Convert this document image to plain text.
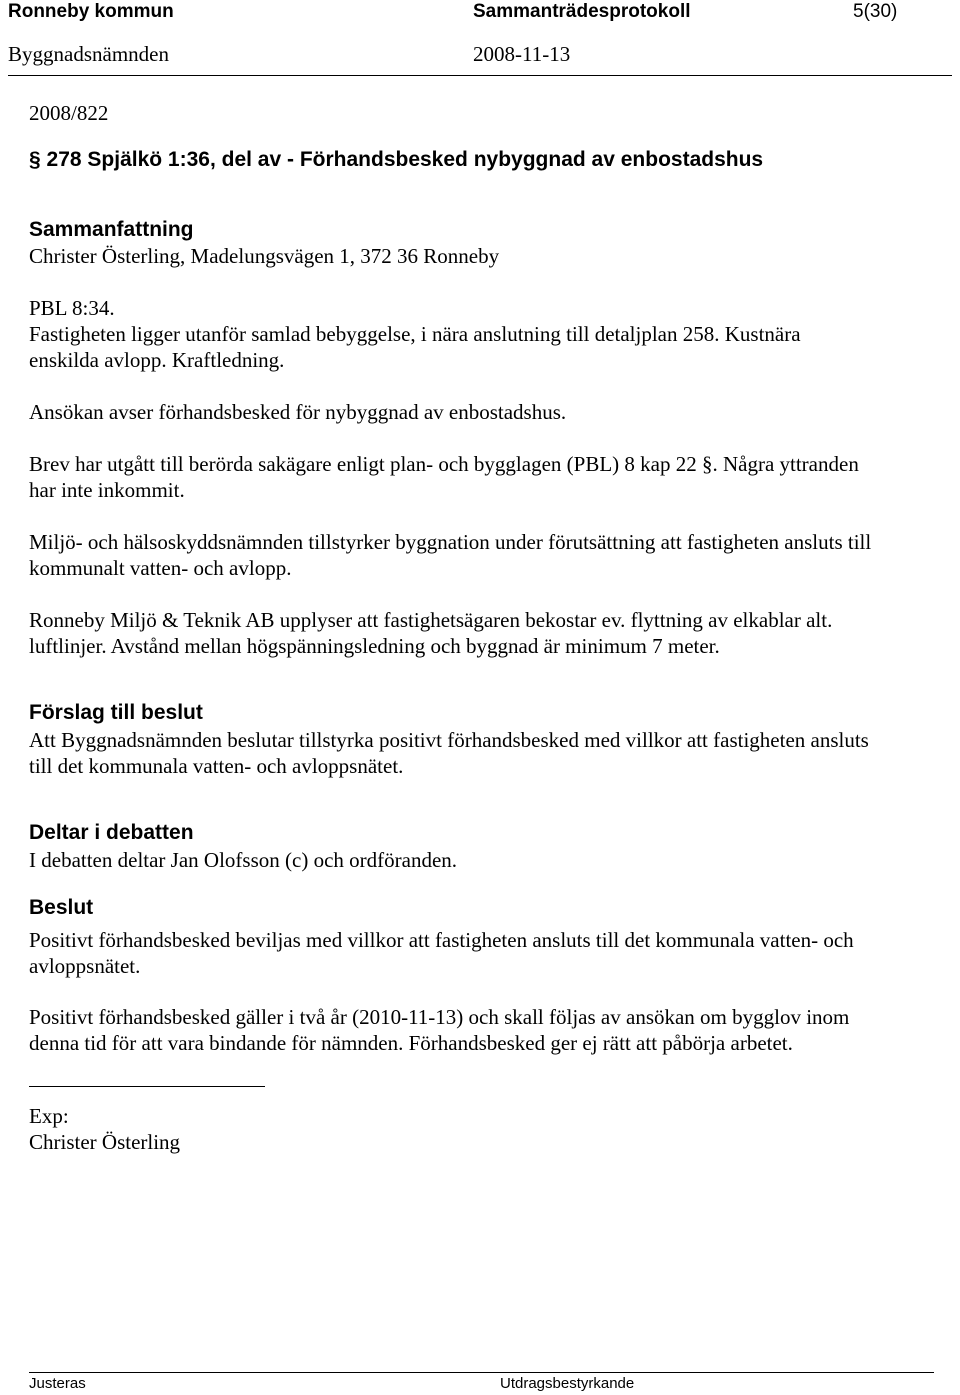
Ronneby kommun	Sammanträdesprotokoll	5(30)
Byggnadsnämnden	2008-11-13
2008/822
§ 278 Spjälkö 1:36, del av - Förhandsbesked nybyggnad av enbostadshus
Sammanfattning
Christer Österling, Madelungsvägen 1, 372 36 Ronneby
PBL 8:34.
Fastigheten ligger utanför samlad bebyggelse, i nära anslutning till detaljplan 258. Kustnära
enskilda avlopp. Kraftledning.
Ansökan avser förhandsbesked för nybyggnad av enbostadshus.
Brev har utgått till berörda sakägare enligt plan- och bygglagen (PBL) 8 kap 22 §. Några yttranden
har inte inkommit.
Miljö- och hälsoskyddsnämnden tillstyrker byggnation under förutsättning att fastigheten ansluts till
kommunalt vatten- och avlopp.
Ronneby Miljö & Teknik AB upplyser att fastighetsägaren bekostar ev. flyttning av elkablar alt.
luftlinjer. Avstånd mellan högspänningsledning och byggnad är minimum 7 meter.
Förslag till beslut
Att Byggnadsnämnden beslutar tillstyrka positivt förhandsbesked med villkor att fastigheten ansluts
till det kommunala vatten- och avloppsnätet.
Deltar i debatten
I debatten deltar Jan Olofsson (c) och ordföranden.
Beslut
Positivt förhandsbesked beviljas med villkor att fastigheten ansluts till det kommunala vatten- och
avloppsnätet.
Positivt förhandsbesked gäller i två år (2010-11-13) och skall följas av ansökan om bygglov inom
denna tid för att vara bindande för nämnden. Förhandsbesked ger ej rätt att påbörja arbetet.
Exp:
Christer Österling
Justeras	Utdragsbestyrkande
